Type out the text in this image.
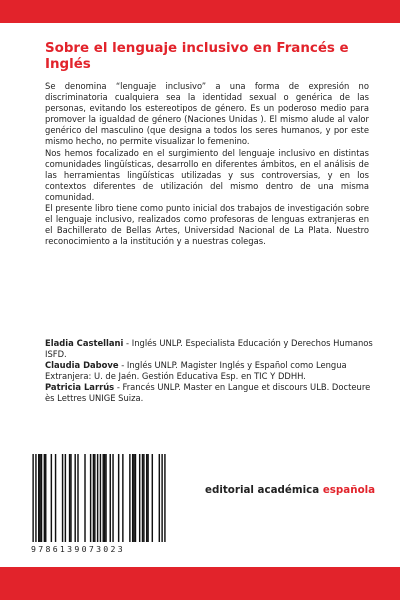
Sobre el lenguaje inclusivo en Francés e Inglés

Se denomina “lenguaje inclusivo” a una forma de expresión no discriminatoria cualquiera sea la identidad sexual o genérica de las personas, evitando los estereotipos de género. Es un poderoso medio para promover la igualdad de género (Naciones Unidas ). El mismo alude al valor genérico del masculino (que designa a todos los seres humanos, y por este mismo hecho, no permite visualizar lo femenino.

Nos hemos focalizado en el surgimiento del lenguaje inclusivo en distintas comunidades lingüísticas, desarrollo en diferentes ámbitos, en el análisis de las herramientas lingüísticas utilizadas y sus controversias, y en los contextos diferentes de utilización del mismo dentro de una misma comunidad.

El presente libro tiene como punto inicial dos trabajos de investigación sobre el lenguaje inclusivo, realizados como profesoras de lenguas extranjeras en el Bachillerato de Bellas Artes, Universidad Nacional de La Plata. Nuestro reconocimiento a la institución y a nuestras colegas.

Eladia Castellani - Inglés UNLP. Especialista Educación y Derechos Humanos ISFD.

Claudia Dabove - Inglés UNLP. Magister Inglés y Español como Lengua Extranjera: U. de Jaén. Gestión Educativa Esp. en TIC Y DDHH.

Patricia Larrús - Francés UNLP. Master en Langue et discours ULB. Docteure ès Lettres UNIGE Suiza.

9786139073023
editorial académica española
